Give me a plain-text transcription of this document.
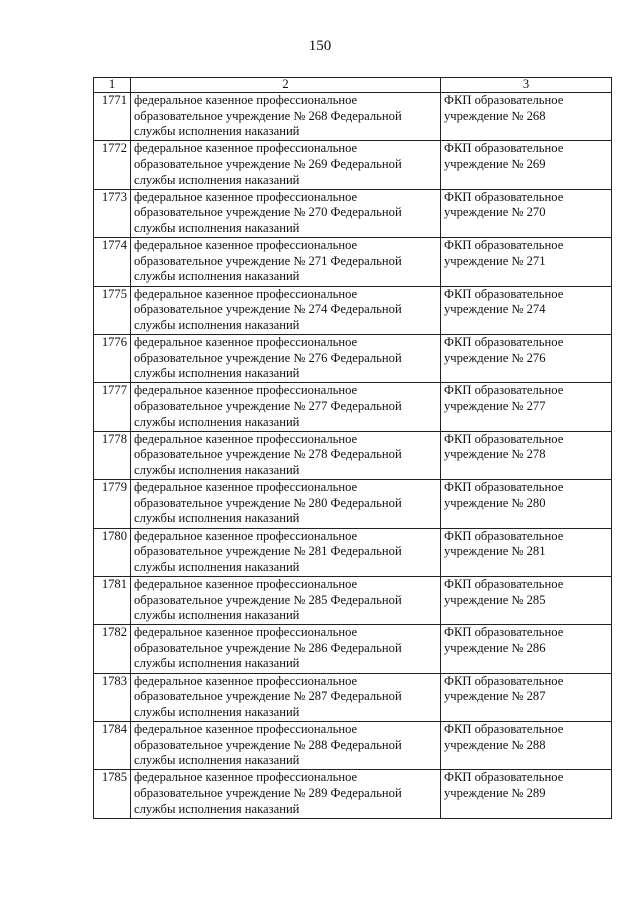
150
1	2	3
1771	федеральное казенное профессиональное образовательное учреждение № 268 Федеральной службы исполнения наказаний	ФКП образовательное учреждение № 268
1772	федеральное казенное профессиональное образовательное учреждение № 269 Федеральной службы исполнения наказаний	ФКП образовательное учреждение № 269
1773	федеральное казенное профессиональное образовательное учреждение № 270 Федеральной службы исполнения наказаний	ФКП образовательное учреждение № 270
1774	федеральное казенное профессиональное образовательное учреждение № 271 Федеральной службы исполнения наказаний	ФКП образовательное учреждение № 271
1775	федеральное казенное профессиональное образовательное учреждение № 274 Федеральной службы исполнения наказаний	ФКП образовательное учреждение № 274
1776	федеральное казенное профессиональное образовательное учреждение № 276 Федеральной службы исполнения наказаний	ФКП образовательное учреждение № 276
1777	федеральное казенное профессиональное образовательное учреждение № 277 Федеральной службы исполнения наказаний	ФКП образовательное учреждение № 277
1778	федеральное казенное профессиональное образовательное учреждение № 278 Федеральной службы исполнения наказаний	ФКП образовательное учреждение № 278
1779	федеральное казенное профессиональное образовательное учреждение № 280 Федеральной службы исполнения наказаний	ФКП образовательное учреждение № 280
1780	федеральное казенное профессиональное образовательное учреждение № 281 Федеральной службы исполнения наказаний	ФКП образовательное учреждение № 281
1781	федеральное казенное профессиональное образовательное учреждение № 285 Федеральной службы исполнения наказаний	ФКП образовательное учреждение № 285
1782	федеральное казенное профессиональное образовательное учреждение № 286 Федеральной службы исполнения наказаний	ФКП образовательное учреждение № 286
1783	федеральное казенное профессиональное образовательное учреждение № 287 Федеральной службы исполнения наказаний	ФКП образовательное учреждение № 287
1784	федеральное казенное профессиональное образовательное учреждение № 288 Федеральной службы исполнения наказаний	ФКП образовательное учреждение № 288
1785	федеральное казенное профессиональное образовательное учреждение № 289 Федеральной службы исполнения наказаний	ФКП образовательное учреждение № 289
